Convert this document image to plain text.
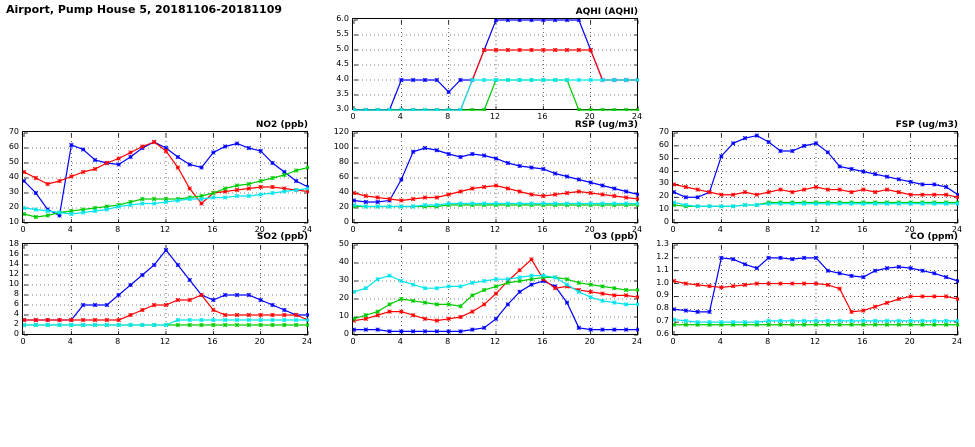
Airport, Pump House 5, 20181106-20181109	AQHI (AQHI)
3.0
3.5
4.0
4.5
5.0
5.5
6.0
0	4	8	12	16	20	24
NO2 (ppb)
10
20
30
40
50
60
70
0	4	8	12	16	20	24
RSP (ug/m3)
0
20
40
60
80
100
120
0	4	8	12	16	20	24
FSP (ug/m3)
0
10
20
30
40
50
60
70
0	4	8	12	16	20	24
SO2 (ppb)
0
2
4
6
8
10
12
14
16
18
0	4	8	12	16	20	24
O3 (ppb)
0
10
20
30
40
50
0	4	8	12	16	20	24
CO (ppm)
0.6
0.7
0.8
0.9
1.0
1.1
1.2
1.3
0	4	8	12	16	20	24
